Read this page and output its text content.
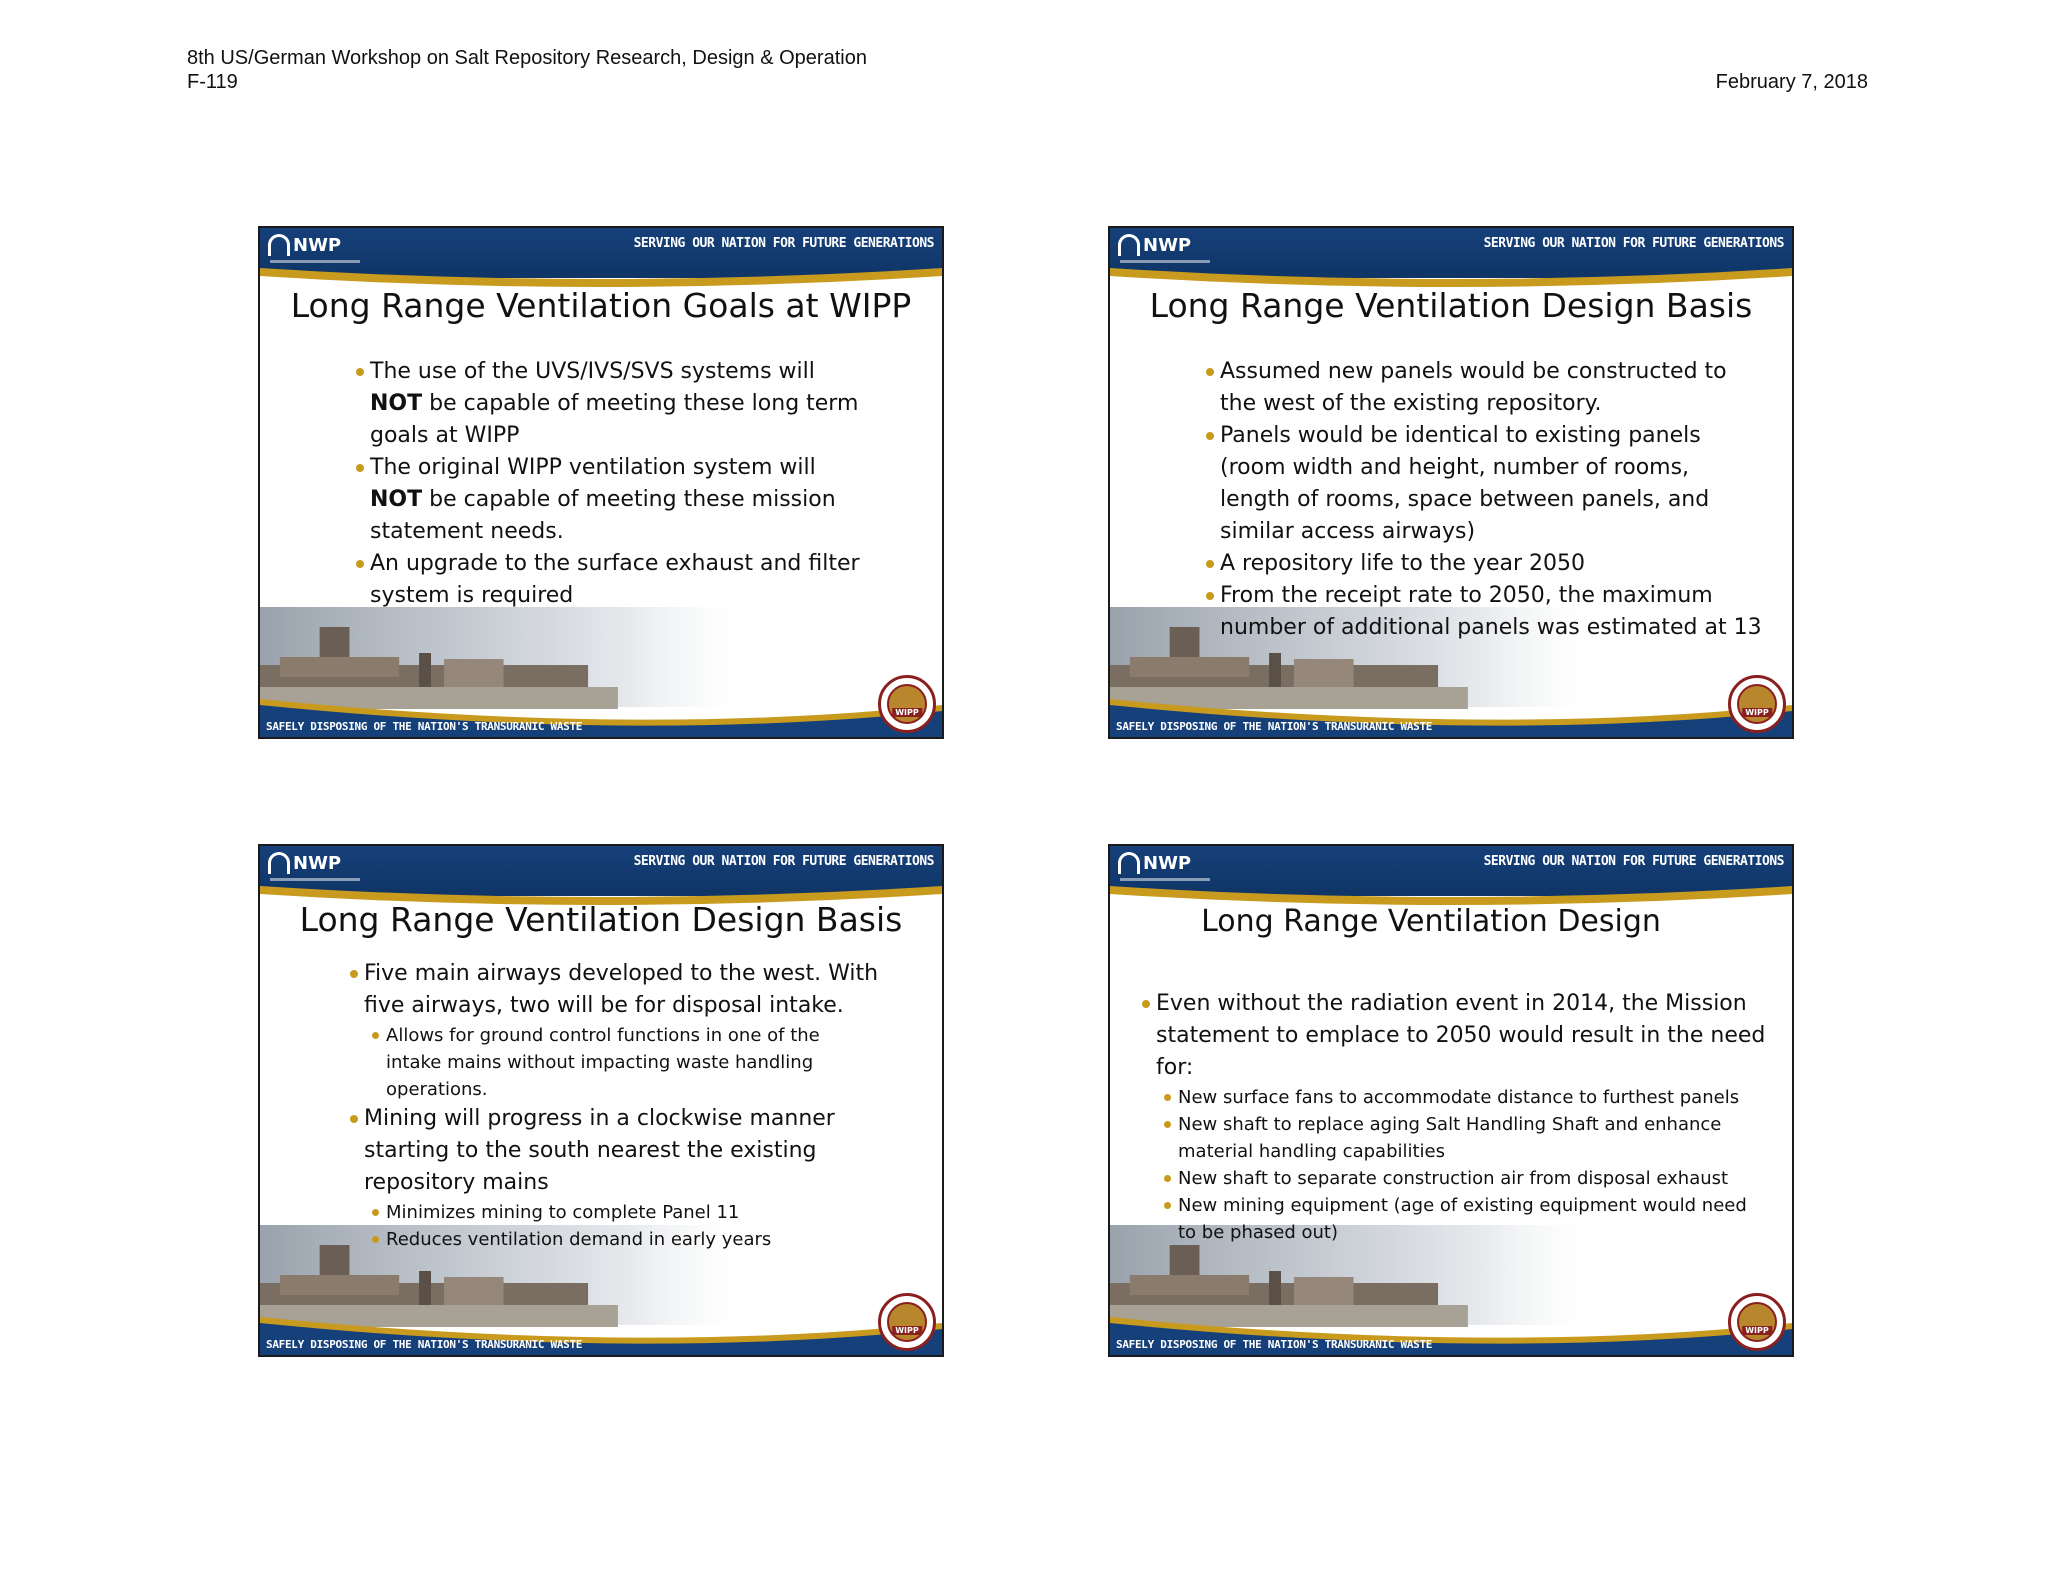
8th US/German Workshop on Salt Repository Research, Design & Operation
F-119	February 7, 2018
NWP	SERVING OUR NATION FOR FUTURE GENERATIONS
SAFELY DISPOSING OF THE NATION'S TRANSURANIC WASTE
WIPP
Long Range Ventilation Goals at WIPP
The use of the UVS/IVS/SVS systems will
NOT be capable of meeting these long term
goals at WIPP
The original WIPP ventilation system will
NOT be capable of meeting these mission
statement needs.
An upgrade to the surface exhaust and filter
system is required
NWP	SERVING OUR NATION FOR FUTURE GENERATIONS
SAFELY DISPOSING OF THE NATION'S TRANSURANIC WASTE
WIPP
Long Range Ventilation Design Basis
Assumed new panels would be constructed to
the west of the existing repository.
Panels would be identical to existing panels
(room width and height, number of rooms,
length of rooms, space between panels, and
similar access airways)
A repository life to the year 2050
From the receipt rate to 2050, the maximum
number of additional panels was estimated at 13
NWP	SERVING OUR NATION FOR FUTURE GENERATIONS
SAFELY DISPOSING OF THE NATION'S TRANSURANIC WASTE
WIPP
Long Range Ventilation Design Basis
Five main airways developed to the west. With
five airways, two will be for disposal intake.
Allows for ground control functions in one of the
intake mains without impacting waste handling
operations.
Mining will progress in a clockwise manner
starting to the south nearest the existing
repository mains
Minimizes mining to complete Panel 11
Reduces ventilation demand in early years
NWP	SERVING OUR NATION FOR FUTURE GENERATIONS
SAFELY DISPOSING OF THE NATION'S TRANSURANIC WASTE
WIPP
Long Range Ventilation Design
Even without the radiation event in 2014, the Mission
statement to emplace to 2050 would result in the need
for:
New surface fans to accommodate distance to furthest panels
New shaft to replace aging Salt Handling Shaft and enhance
material handling capabilities
New shaft to separate construction air from disposal exhaust
New mining equipment (age of existing equipment would need
to be phased out)
